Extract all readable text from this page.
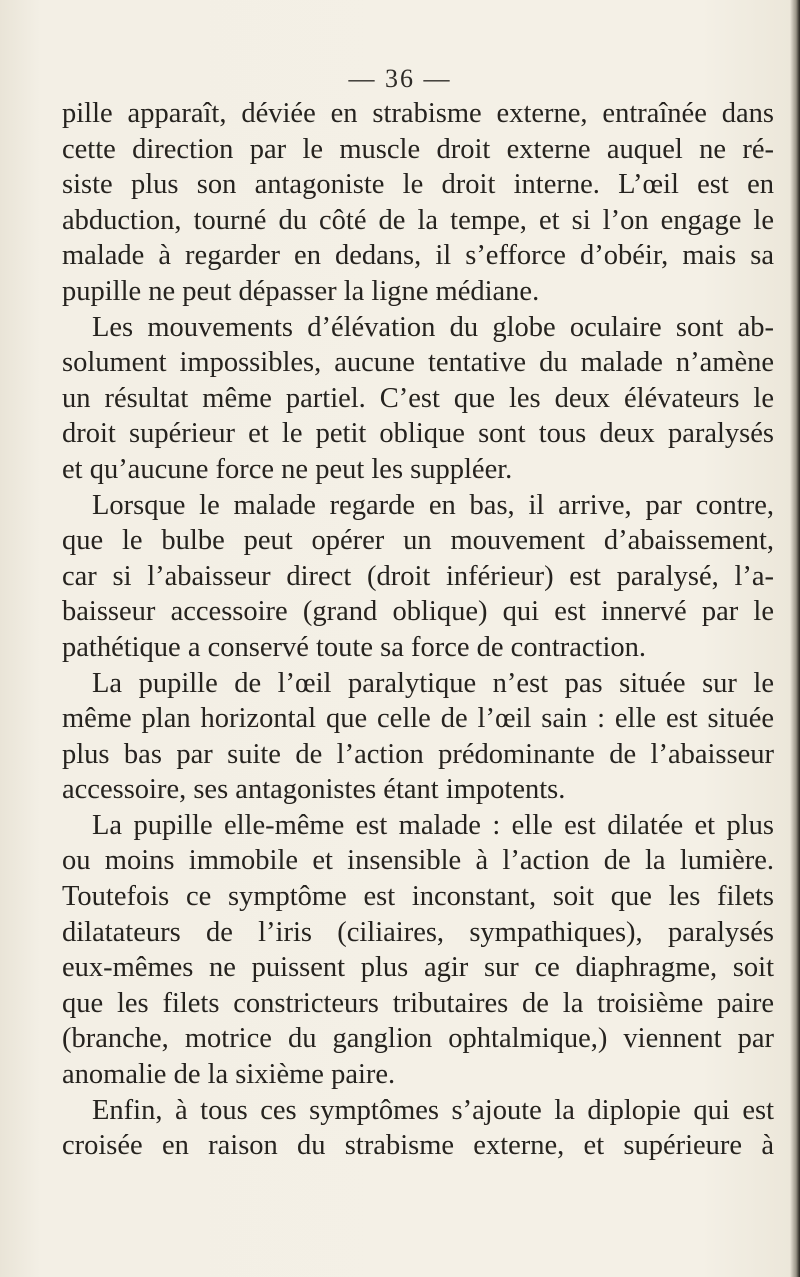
— 36 —
pille apparaît, déviée en strabisme externe, entraînée dans
cette direction par le muscle droit externe auquel ne ré-
siste plus son antagoniste le droit interne. L’œil est en
abduction, tourné du côté de la tempe, et si l’on engage le
malade à regarder en dedans, il s’efforce d’obéir, mais sa
pupille ne peut dépasser la ligne médiane.
Les mouvements d’élévation du globe oculaire sont ab-
solument impossibles, aucune tentative du malade n’amène
un résultat même partiel. C’est que les deux élévateurs le
droit supérieur et le petit oblique sont tous deux paralysés
et qu’aucune force ne peut les suppléer.
Lorsque le malade regarde en bas, il arrive, par contre,
que le bulbe peut opérer un mouvement d’abaissement,
car si l’abaisseur direct (droit inférieur) est paralysé, l’a-
baisseur accessoire (grand oblique) qui est innervé par le
pathétique a conservé toute sa force de contraction.
La pupille de l’œil paralytique n’est pas située sur le
même plan horizontal que celle de l’œil sain : elle est située
plus bas par suite de l’action prédominante de l’abaisseur
accessoire, ses antagonistes étant impotents.
La pupille elle-même est malade : elle est dilatée et plus
ou moins immobile et insensible à l’action de la lumière.
Toutefois ce symptôme est inconstant, soit que les filets
dilatateurs de l’iris (ciliaires, sympathiques), paralysés
eux-mêmes ne puissent plus agir sur ce diaphragme, soit
que les filets constricteurs tributaires de la troisième paire
(branche, motrice du ganglion ophtalmique,) viennent par
anomalie de la sixième paire.
Enfin, à tous ces symptômes s’ajoute la diplopie qui est
croisée en raison du strabisme externe, et supérieure à
